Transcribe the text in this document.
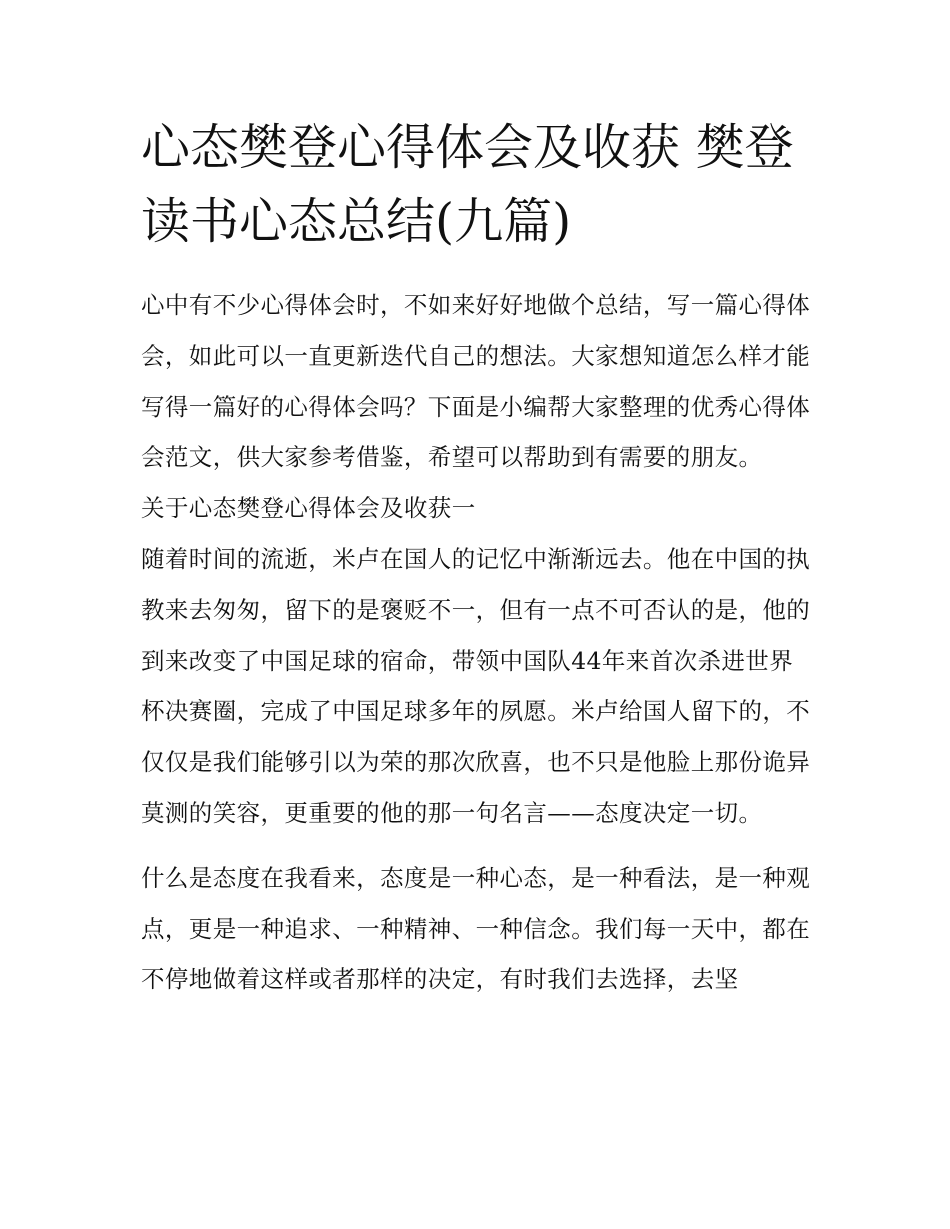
心态樊登心得体会及收获 樊登读书心态总结(九篇)

心中有不少心得体会时，不如来好好地做个总结，写一篇心得体会，如此可以一直更新迭代自己的想法。大家想知道怎么样才能写得一篇好的心得体会吗？下面是小编帮大家整理的优秀心得体会范文，供大家参考借鉴，希望可以帮助到有需要的朋友。

关于心态樊登心得体会及收获一

随着时间的流逝，米卢在国人的记忆中渐渐远去。他在中国的执教来去匆匆，留下的是褒贬不一，但有一点不可否认的是，他的到来改变了中国足球的宿命，带领中国队44年来首次杀进世界杯决赛圈，完成了中国足球多年的夙愿。米卢给国人留下的，不仅仅是我们能够引以为荣的那次欣喜，也不只是他脸上那份诡异莫测的笑容，更重要的他的那一句名言——态度决定一切。

什么是态度在我看来，态度是一种心态，是一种看法，是一种观点，更是一种追求、一种精神、一种信念。我们每一天中，都在不停地做着这样或者那样的决定，有时我们去选择，去坚
